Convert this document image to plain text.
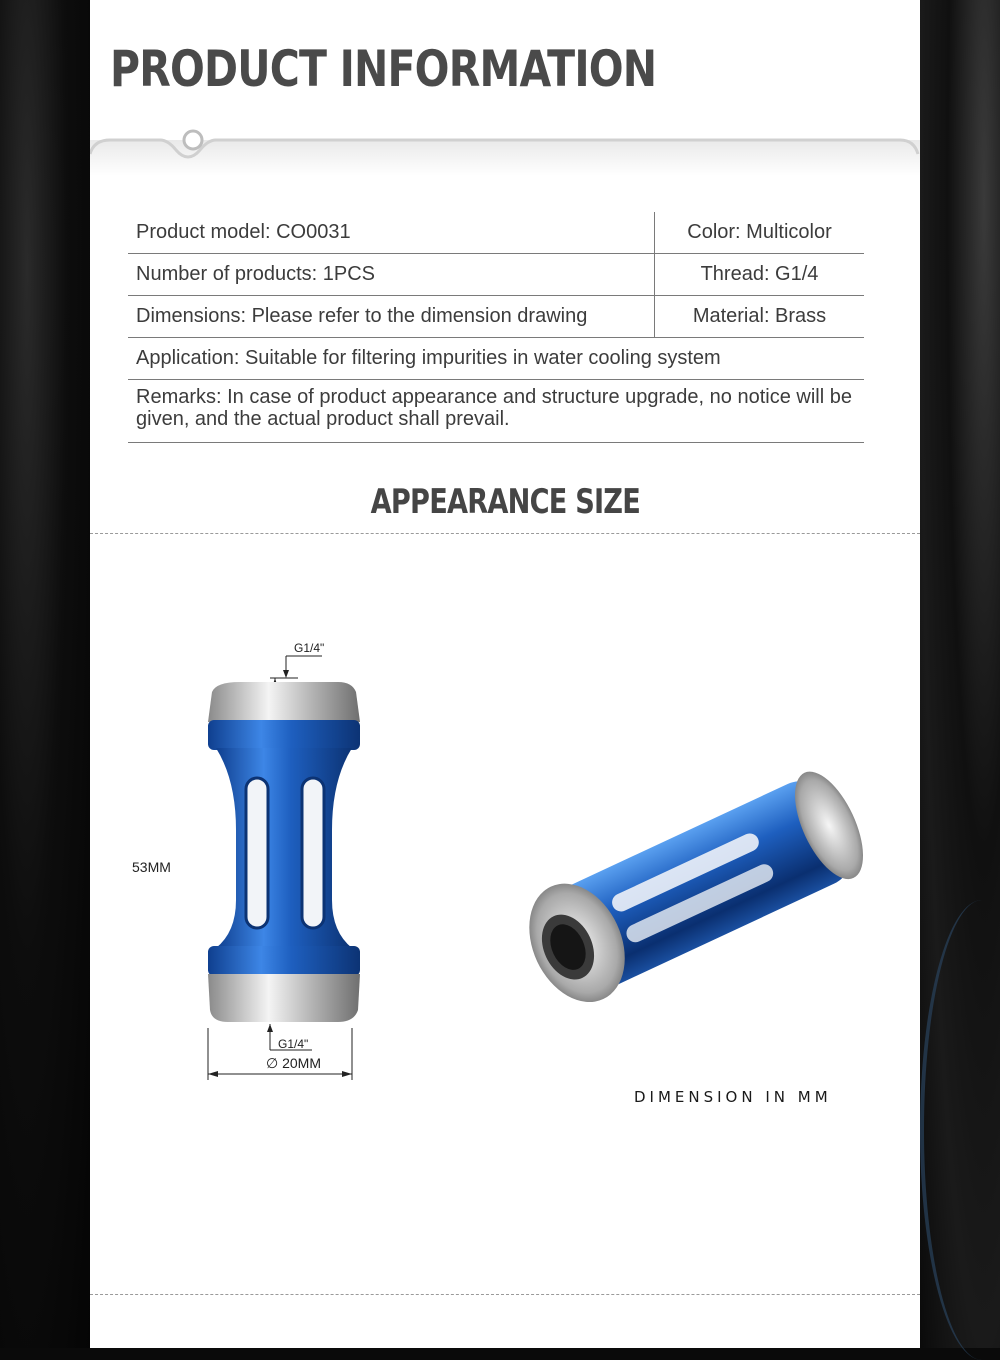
PRODUCT INFORMATION
Product model: CO0031	Color: Multicolor
Number of products: 1PCS	Thread: G1/4
Dimensions: Please refer to the dimension drawing	Material: Brass
Application: Suitable for filtering impurities in water cooling system
Remarks: In case of product appearance and structure upgrade, no notice will be given, and the actual product shall prevail.
APPEARANCE SIZE
G1/4"
53MM
G1/4"
∅ 20MM
DIMENSION IN MM
